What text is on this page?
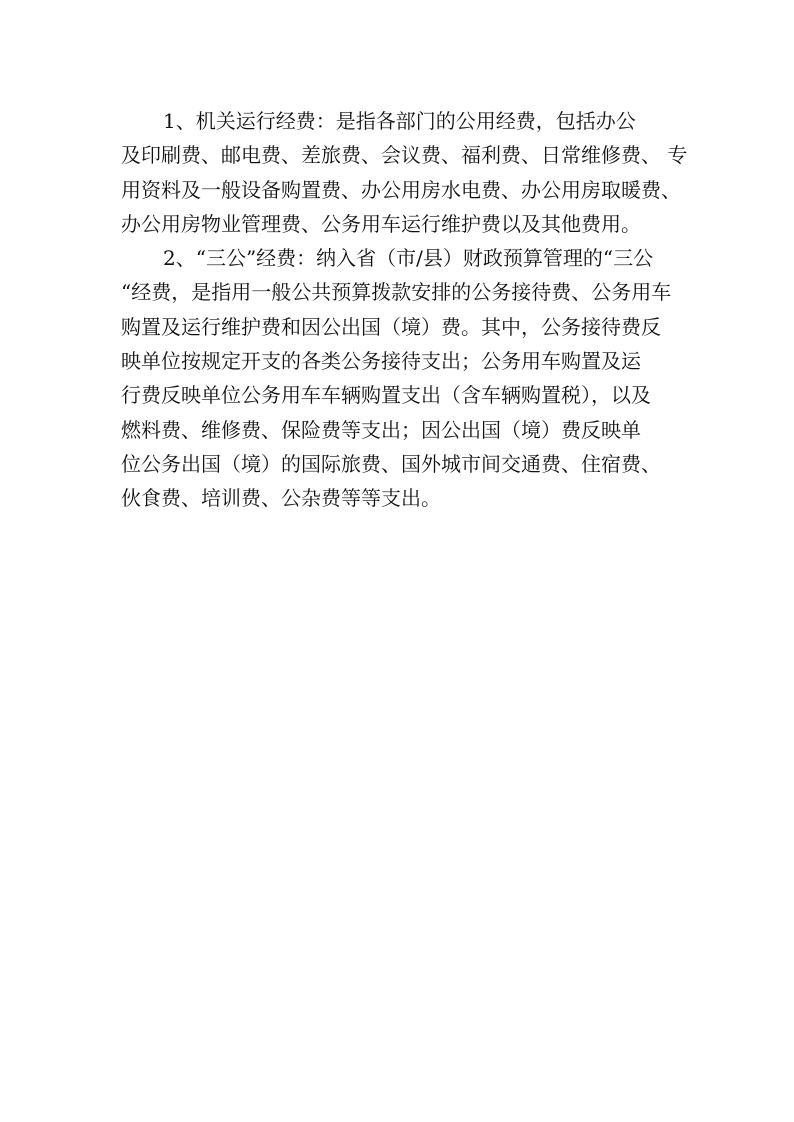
1、机关运行经费：是指各部门的公用经费，包括办公
及印刷费、邮电费、差旅费、会议费、福利费、日常维修费、 专
用资料及一般设备购置费、办公用房水电费、办公用房取暖费、
办公用房物业管理费、公务用车运行维护费以及其他费用。
2、“三公”经费：纳入省（市/县）财政预算管理的“三公
“经费，是指用一般公共预算拨款安排的公务接待费、公务用车
购置及运行维护费和因公出国（境）费。其中，公务接待费反
映单位按规定开支的各类公务接待支出；公务用车购置及运
行费反映单位公务用车车辆购置支出（含车辆购置税），以及
燃料费、维修费、保险费等支出；因公出国（境）费反映单
位公务出国（境）的国际旅费、国外城市间交通费、住宿费、
伙食费、培训费、公杂费等等支出。
